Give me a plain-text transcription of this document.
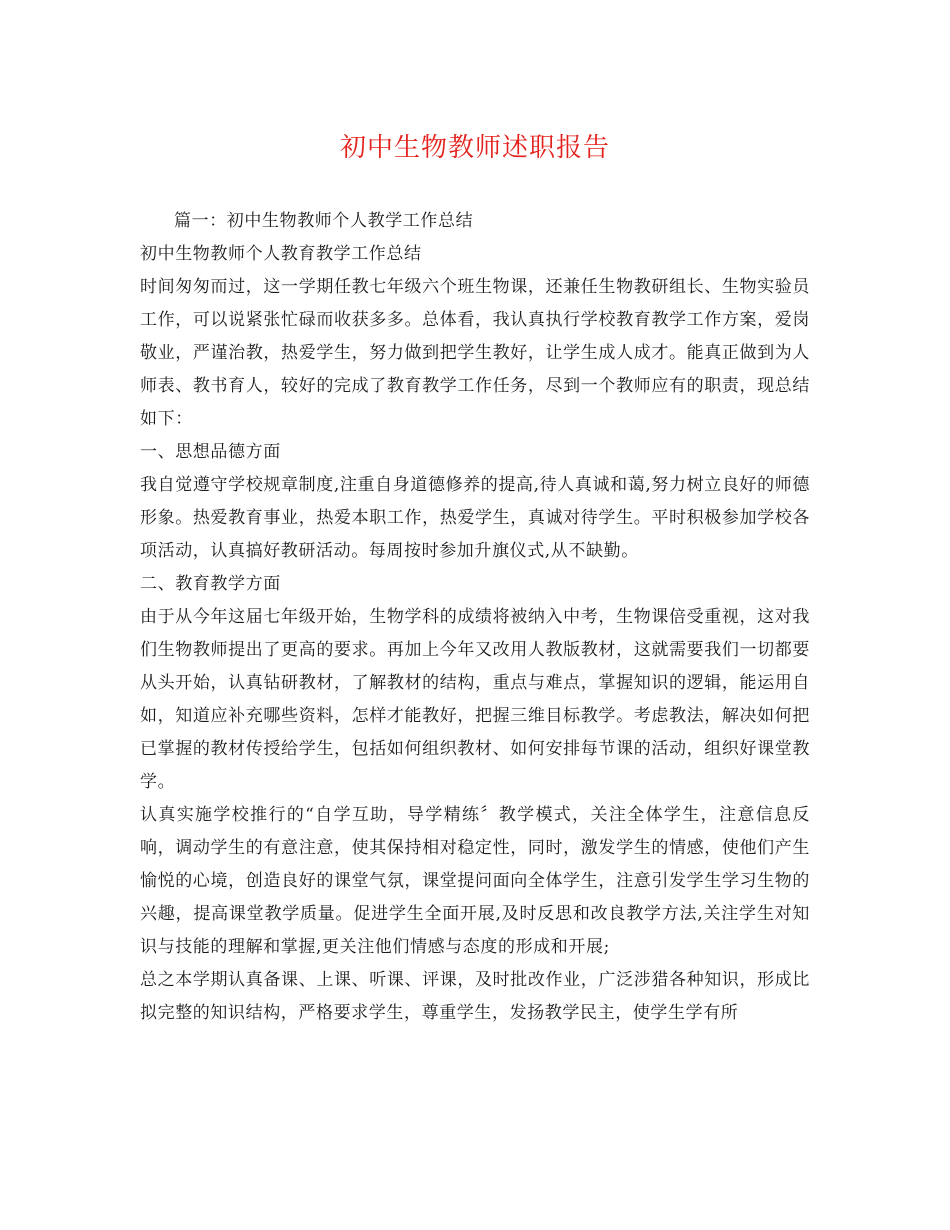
初中生物教师述职报告

篇一：初中生物教师个人教学工作总结

初中生物教师个人教育教学工作总结

时间匆匆而过，这一学期任教七年级六个班生物课，还兼任生物教研组长、生物实验员工作，可以说紧张忙碌而收获多多。总体看，我认真执行学校教育教学工作方案，爱岗敬业，严谨治教，热爱学生，努力做到把学生教好，让学生成人成才。能真正做到为人师表、教书育人，较好的完成了教育教学工作任务，尽到一个教师应有的职责，现总结如下：

一、思想品德方面

我自觉遵守学校规章制度,注重自身道德修养的提高,待人真诚和蔼,努力树立良好的师德形象。热爱教育事业，热爱本职工作，热爱学生，真诚对待学生。平时积极参加学校各项活动，认真搞好教研活动。每周按时参加升旗仪式,从不缺勤。

二、教育教学方面

由于从今年这届七年级开始，生物学科的成绩将被纳入中考，生物课倍受重视，这对我们生物教师提出了更高的要求。再加上今年又改用人教版教材，这就需要我们一切都要从头开始，认真钻研教材，了解教材的结构，重点与难点，掌握知识的逻辑，能运用自如，知道应补充哪些资料，怎样才能教好，把握三维目标教学。考虑教法，解决如何把已掌握的教材传授给学生，包括如何组织教材、如何安排每节课的活动，组织好课堂教学。

认真实施学校推行的“自学互助，导学精练〞教学模式，关注全体学生，注意信息反响，调动学生的有意注意，使其保持相对稳定性，同时，激发学生的情感，使他们产生愉悦的心境，创造良好的课堂气氛，课堂提问面向全体学生，注意引发学生学习生物的兴趣，提高课堂教学质量。促进学生全面开展,及时反思和改良教学方法,关注学生对知识与技能的理解和掌握,更关注他们情感与态度的形成和开展;

总之本学期认真备课、上课、听课、评课，及时批改作业，广泛涉猎各种知识，形成比拟完整的知识结构，严格要求学生，尊重学生，发扬教学民主，使学生学有所
